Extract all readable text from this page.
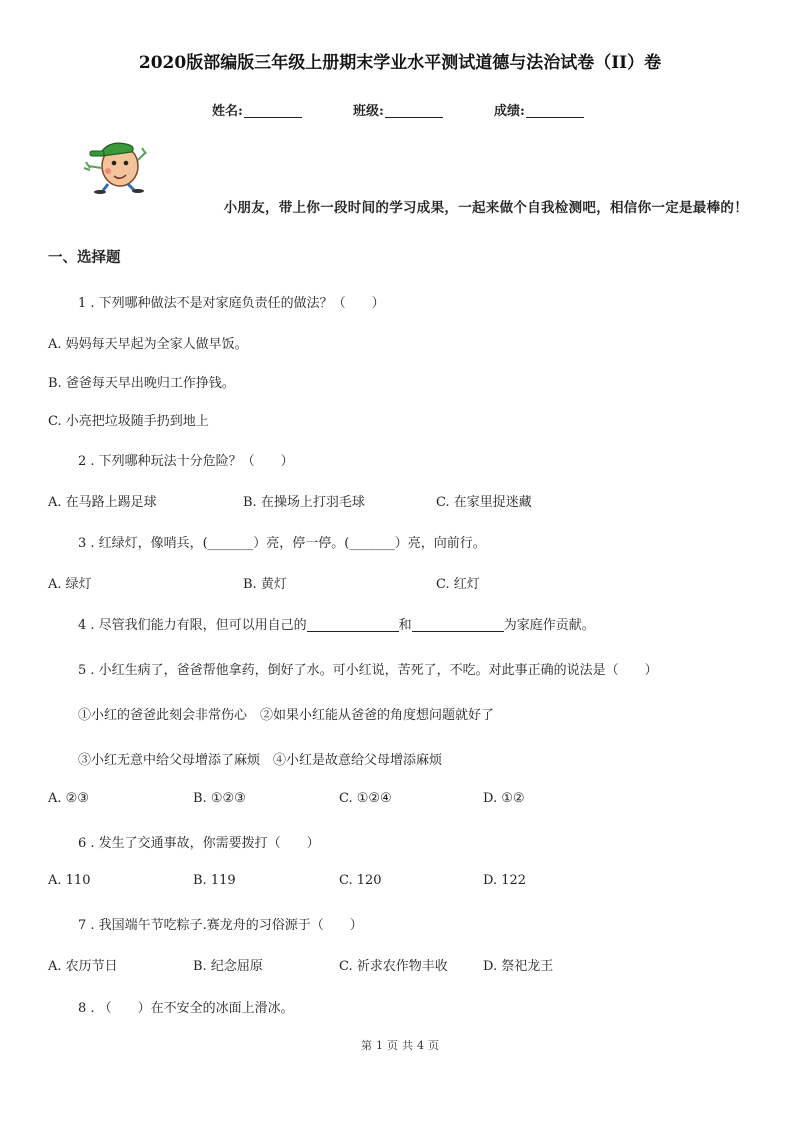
2020版部编版三年级上册期末学业水平测试道德与法治试卷（II）卷
姓名:	班级:	成绩:
小朋友，带上你一段时间的学习成果，一起来做个自我检测吧，相信你一定是最棒的！
一、选择题
1 . 下列哪种做法不是对家庭负责任的做法？（　　）
A. 妈妈每天早起为全家人做早饭。
B. 爸爸每天早出晚归工作挣钱。
C. 小亮把垃圾随手扔到地上
2 . 下列哪种玩法十分危险？（　　）
A. 在马路上踢足球	B. 在操场上打羽毛球	C. 在家里捉迷藏
3 . 红绿灯，像哨兵，(_______）亮，停一停。(_______）亮，向前行。
A. 绿灯	B. 黄灯	C. 红灯
4 . 尽管我们能力有限，但可以用自己的	和	为家庭作贡献。
5 . 小红生病了，爸爸帮他拿药，倒好了水。可小红说，苦死了，不吃。对此事正确的说法是（　　）
①小红的爸爸此刻会非常伤心　②如果小红能从爸爸的角度想问题就好了
③小红无意中给父母增添了麻烦　④小红是故意给父母增添麻烦
A. ②③	B. ①②③	C. ①②④	D. ①②
6 . 发生了交通事故，你需要拨打（　　）
A. 110	B. 119	C. 120	D. 122
7 . 我国端午节吃粽子.赛龙舟的习俗源于（　　）
A. 农历节日	B. 纪念屈原	C. 祈求农作物丰收	D. 祭祀龙王
8 . （　　）在不安全的冰面上滑冰。
第 1 页 共 4 页
